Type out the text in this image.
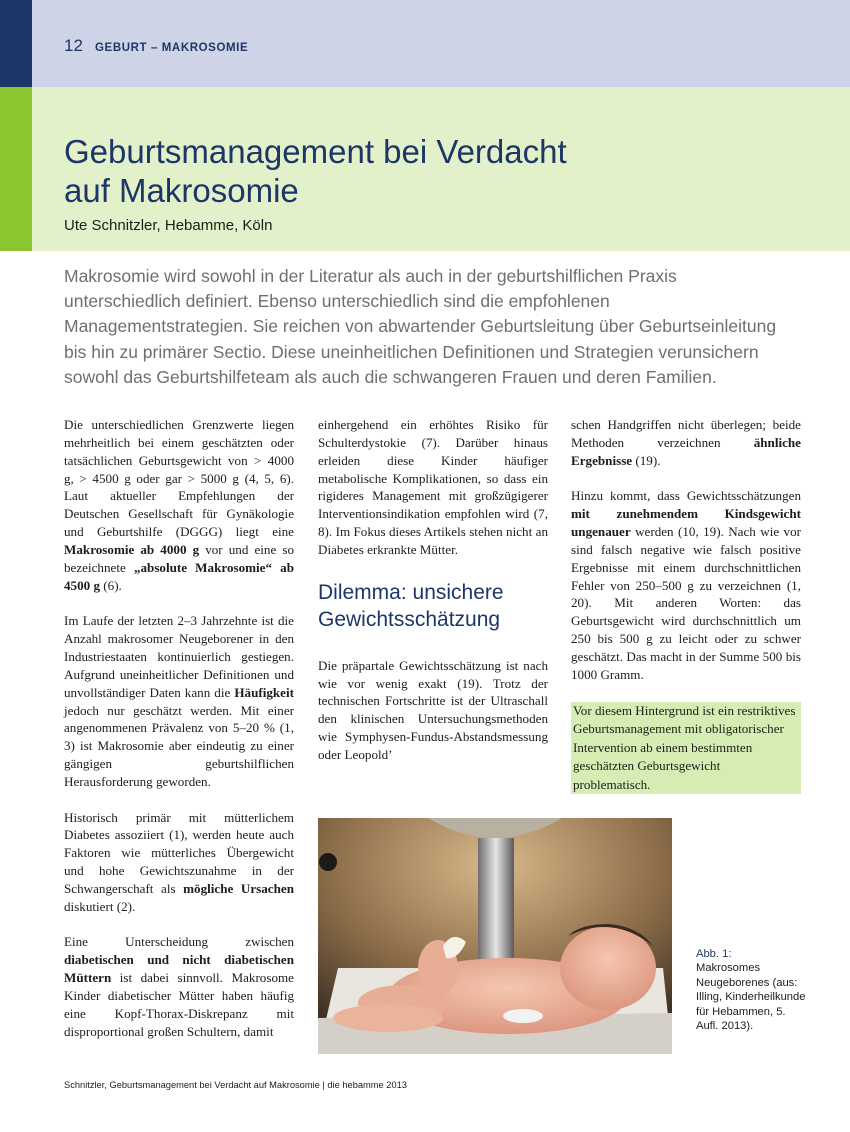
12 GEBURT – MAKROSOMIE
Geburtsmanagement bei Verdacht
auf Makrosomie
Ute Schnitzler, Hebamme, Köln

Makrosomie wird sowohl in der Literatur als auch in der geburtshilflichen Praxis unterschiedlich definiert. Ebenso unterschiedlich sind die empfohlenen Managementstrategien. Sie reichen von abwartender Geburtsleitung über Geburtseinleitung bis hin zu primärer Sectio. Diese uneinheitlichen Definitionen und Strategien verunsichern sowohl das Geburtshilfeteam als auch die schwangeren Frauen und deren Familien.

Die unterschiedlichen Grenzwerte liegen mehrheitlich bei einem geschätzten oder tatsächlichen Geburtsgewicht von > 4000 g, > 4500 g oder gar > 5000 g (4, 5, 6). Laut aktueller Empfehlungen der Deutschen Gesellschaft für Gynäkologie und Geburtshilfe (DGGG) liegt eine Makrosomie ab 4000 g vor und eine so bezeichnete „absolute Makrosomie“ ab 4500 g (6).

Im Laufe der letzten 2–3 Jahrzehnte ist die Anzahl makrosomer Neugeborener in den Industriestaaten kontinuierlich gestiegen. Aufgrund uneinheitlicher Definitionen und unvollständiger Daten kann die Häufigkeit jedoch nur geschätzt werden. Mit einer angenommenen Prävalenz von 5–20 % (1, 3) ist Makrosomie aber eindeutig zu einer gängigen geburtshilflichen Herausforderung geworden.

Historisch primär mit mütterlichem Diabetes assoziiert (1), werden heute auch Faktoren wie mütterliches Übergewicht und hohe Gewichtszunahme in der Schwangerschaft als mögliche Ursachen diskutiert (2).

Eine Unterscheidung zwischen diabetischen und nicht diabetischen Müttern ist dabei sinnvoll. Makrosome Kinder diabetischer Mütter haben häufig eine Kopf-Thorax-Diskrepanz mit disproportional großen Schultern, damit

einhergehend ein erhöhtes Risiko für Schulterdystokie (7). Darüber hinaus erleiden diese Kinder häufiger metabolische Komplikationen, so dass ein rigideres Management mit großzügigerer Interventionsindikation empfohlen wird (7, 8). Im Fokus dieses Artikels stehen nicht an Diabetes erkrankte Mütter.

Dilemma: unsichere Gewichtsschätzung

Die präpartale Gewichtsschätzung ist nach wie vor wenig exakt (19). Trotz der technischen Fortschritte ist der Ultraschall den klinischen Untersuchungsmethoden wie Symphysen-Fundus-Abstandsmessung oder Leopold’

schen Handgriffen nicht überlegen; beide Methoden verzeichnen ähnliche Ergebnisse (19).

Hinzu kommt, dass Gewichtsschätzungen mit zunehmendem Kindsgewicht ungenauer werden (10, 19). Nach wie vor sind falsch negative wie falsch positive Ergebnisse mit einem durchschnittlichen Fehler von 250–500 g zu verzeichnen (1, 20). Mit anderen Worten: das Geburtsgewicht wird durchschnittlich um 250 bis 500 g zu leicht oder zu schwer geschätzt. Das macht in der Summe 500 bis 1000 Gramm.

Vor diesem Hintergrund ist ein restriktives Geburtsmanagement mit obligatorischer Intervention ab einem bestimmten geschätzten Geburtsgewicht problematisch.

Abb. 1:
Makrosomes Neugeborenes (aus: Illing, Kinderheilkunde für Hebammen, 5. Aufl. 2013).
Schnitzler, Geburtsmanagement bei Verdacht auf Makrosomie | die hebamme 2013
